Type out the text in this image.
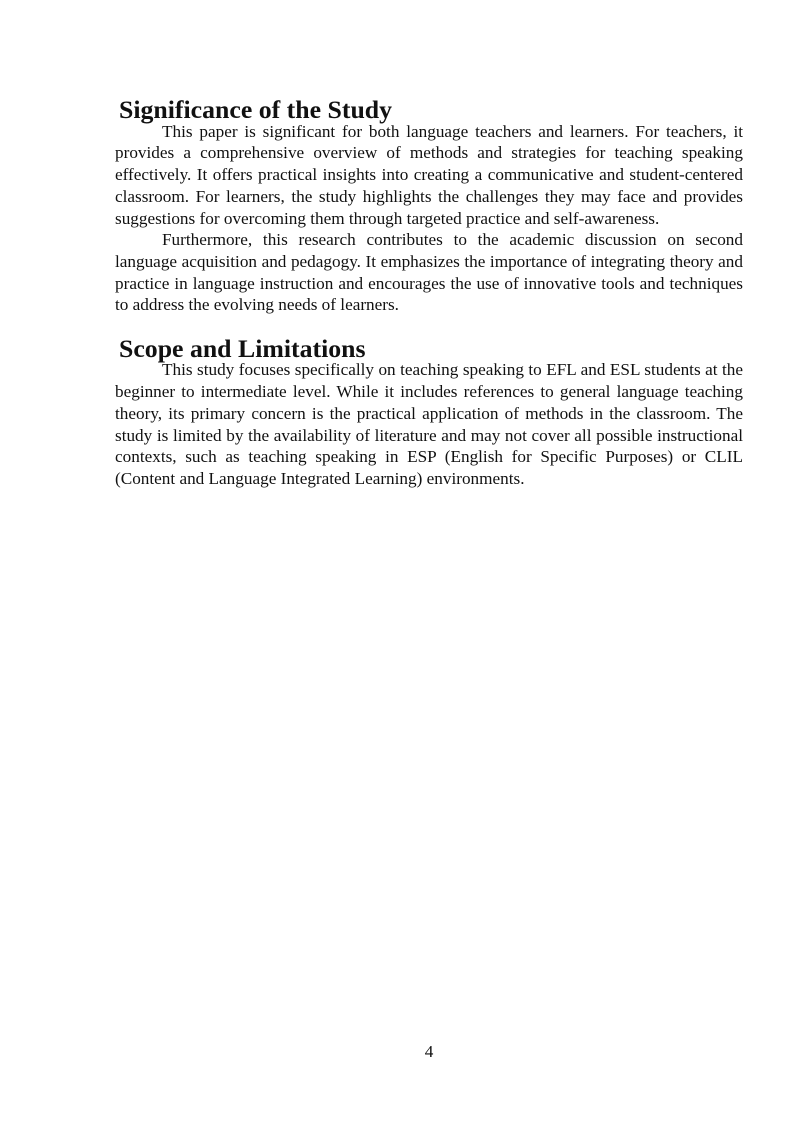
Significance of the Study

This paper is significant for both language teachers and learners. For teachers, it provides a comprehensive overview of methods and strategies for teaching speaking effectively. It offers practical insights into creating a communicative and student-centered classroom. For learners, the study highlights the challenges they may face and provides suggestions for overcoming them through targeted practice and self-awareness.

Furthermore, this research contributes to the academic discussion on second language acquisition and pedagogy. It emphasizes the importance of integrating theory and practice in language instruction and encourages the use of innovative tools and techniques to address the evolving needs of learners.

Scope and Limitations

This study focuses specifically on teaching speaking to EFL and ESL students at the beginner to intermediate level. While it includes references to general language teaching theory, its primary concern is the practical application of methods in the classroom. The study is limited by the availability of literature and may not cover all possible instructional contexts, such as teaching speaking in ESP (English for Specific Purposes) or CLIL (Content and Language Integrated Learning) environments.

4
